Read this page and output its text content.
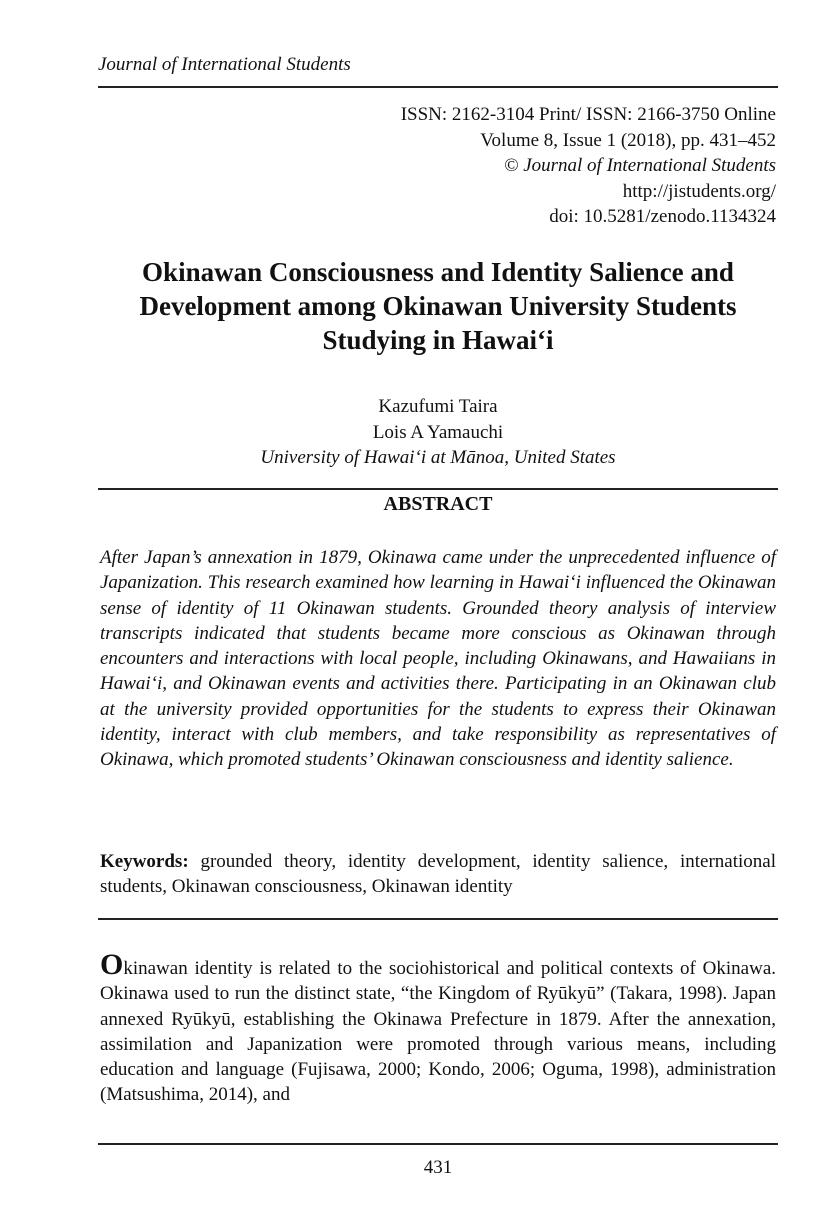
Journal of International Students
ISSN: 2162-3104 Print/ ISSN: 2166-3750 Online
Volume 8, Issue 1 (2018), pp. 431–452
© Journal of International Students
http://jistudents.org/
doi: 10.5281/zenodo.1134324
Okinawan Consciousness and Identity Salience and
Development among Okinawan University Students
Studying in Hawai‘i
Kazufumi Taira
Lois A Yamauchi
University of Hawai‘i at Mānoa, United States
ABSTRACT

After Japan’s annexation in 1879, Okinawa came under the unprecedented influence of Japanization. This research examined how learning in Hawai‘i influenced the Okinawan sense of identity of 11 Okinawan students. Grounded theory analysis of interview transcripts indicated that students became more conscious as Okinawan through encounters and interactions with local people, including Okinawans, and Hawaiians in Hawai‘i, and Okinawan events and activities there. Participating in an Okinawan club at the university provided opportunities for the students to express their Okinawan identity, interact with club members, and take responsibility as representatives of Okinawa, which promoted students’ Okinawan consciousness and identity salience.

Keywords: grounded theory, identity development, identity salience, international students, Okinawan consciousness, Okinawan identity

Okinawan identity is related to the sociohistorical and political contexts of Okinawa. Okinawa used to run the distinct state, “the Kingdom of Ryūkyū” (Takara, 1998). Japan annexed Ryūkyū, establishing the Okinawa Prefecture in 1879. After the annexation, assimilation and Japanization were promoted through various means, including education and language (Fujisawa, 2000; Kondo, 2006; Oguma, 1998), administration (Matsushima, 2014), and

431
